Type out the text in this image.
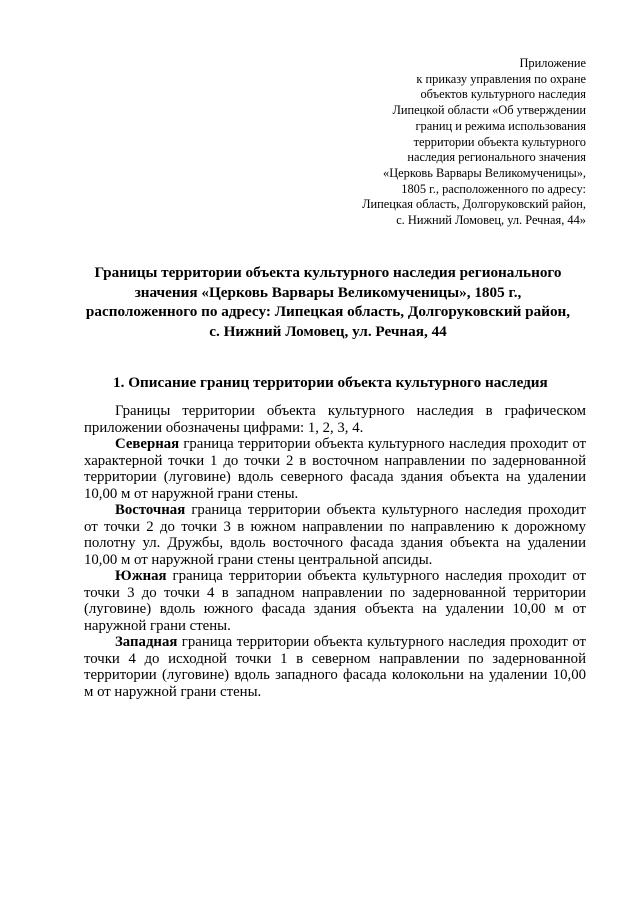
Приложение
к приказу управления по охране
объектов культурного наследия
Липецкой области «Об утверждении
границ и режима использования
территории объекта культурного
наследия регионального значения
«Церковь Варвары Великомученицы»,
1805 г., расположенного по адресу:
Липецкая область, Долгоруковский район,
с. Нижний Ломовец, ул. Речная, 44»
Границы территории объекта культурного наследия регионального
значения «Церковь Варвары Великомученицы», 1805 г.,
расположенного по адресу: Липецкая область, Долгоруковский район,
с. Нижний Ломовец, ул. Речная, 44
1. Описание границ территории объекта культурного наследия

Границы территории объекта культурного наследия в графическом приложении обозначены цифрами: 1, 2, 3, 4.

Северная граница территории объекта культурного наследия проходит от характерной точки 1 до точки 2 в восточном направлении по задернованной территории (луговине) вдоль северного фасада здания объекта на удалении 10,00 м от наружной грани стены.

Восточная граница территории объекта культурного наследия проходит от точки 2 до точки 3 в южном направлении по направлению к дорожному полотну ул. Дружбы, вдоль восточного фасада здания объекта на удалении 10,00 м от наружной грани стены центральной апсиды.

Южная граница территории объекта культурного наследия проходит от точки 3 до точки 4 в западном направлении по задернованной территории (луговине) вдоль южного фасада здания объекта на удалении 10,00 м от наружной грани стены.

Западная граница территории объекта культурного наследия проходит от точки 4 до исходной точки 1 в северном направлении по задернованной территории (луговине) вдоль западного фасада колокольни на удалении 10,00 м от наружной грани стены.
